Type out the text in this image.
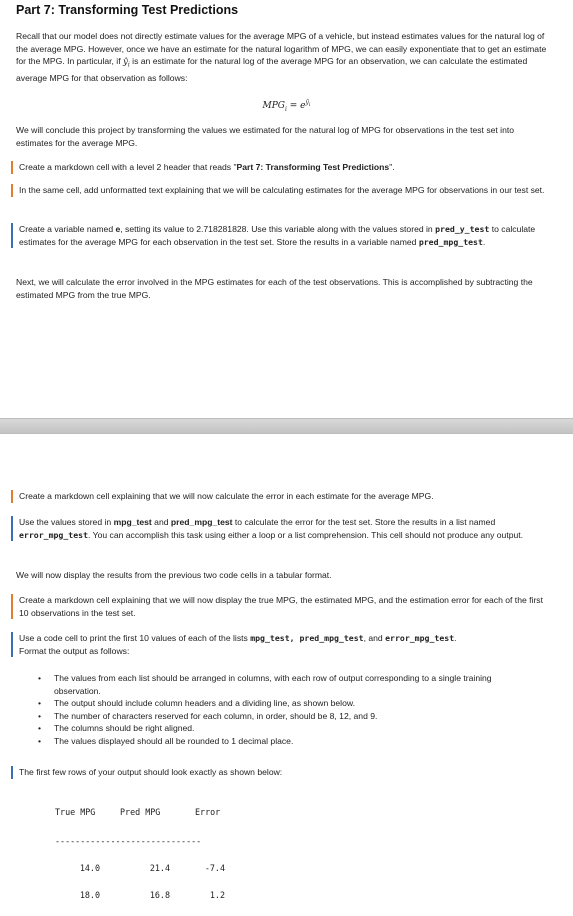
Part 7: Transforming Test Predictions
Recall that our model does not directly estimate values for the average MPG of a vehicle, but instead estimates values for the natural log of the average MPG. However, once we have an estimate for the natural logarithm of MPG, we can easily exponentiate that to get an estimate for the MPG. In particular, if $ŷ_i$ is an estimate for the natural log of the average MPG for an observation, we can calculate the estimated average MPG for that observation as follows:
$MPG_i = e^{ŷ_i}$
We will conclude this project by transforming the values we estimated for the natural log of MPG for observations in the test set into estimates for the average MPG.
Create a markdown cell with a level 2 header that reads "Part 7: Transforming Test Predictions".
In the same cell, add unformatted text explaining that we will be calculating estimates for the average MPG for observations in our test set.
Create a variable named e, setting its value to 2.718281828. Use this variable along with the values stored in pred_y_test to calculate estimates for the average MPG for each observation in the test set. Store the results in a variable named pred_mpg_test.
Next, we will calculate the error involved in the MPG estimates for each of the test observations. This is accomplished by subtracting the estimated MPG from the true MPG.
Create a markdown cell explaining that we will now calculate the error in each estimate for the average MPG.
Use the values stored in mpg_test and pred_mpg_test to calculate the error for the test set. Store the results in a list named error_mpg_test. You can accomplish this task using either a loop or a list comprehension. This cell should not produce any output.
We will now display the results from the previous two code cells in a tabular format.
Create a markdown cell explaining that we will now display the true MPG, the estimated MPG, and the estimation error for each of the first 10 observations in the test set.
Use a code cell to print the first 10 values of each of the lists mpg_test, pred_mpg_test, and error_mpg_test.
Format the output as follows:
• The values from each list should be arranged in columns, with each row of output corresponding to a single training observation.
• The output should include column headers and a dividing line, as shown below.
• The number of characters reserved for each column, in order, should be 8, 12, and 9.
• The columns should be right aligned.
• The values displayed should all be rounded to 1 decimal place.
The first few rows of your output should look exactly as shown below:

True MPG	Pred MPG	Error

-----------------------------

14.0	21.4	-7.4

18.0	16.8	1.2
